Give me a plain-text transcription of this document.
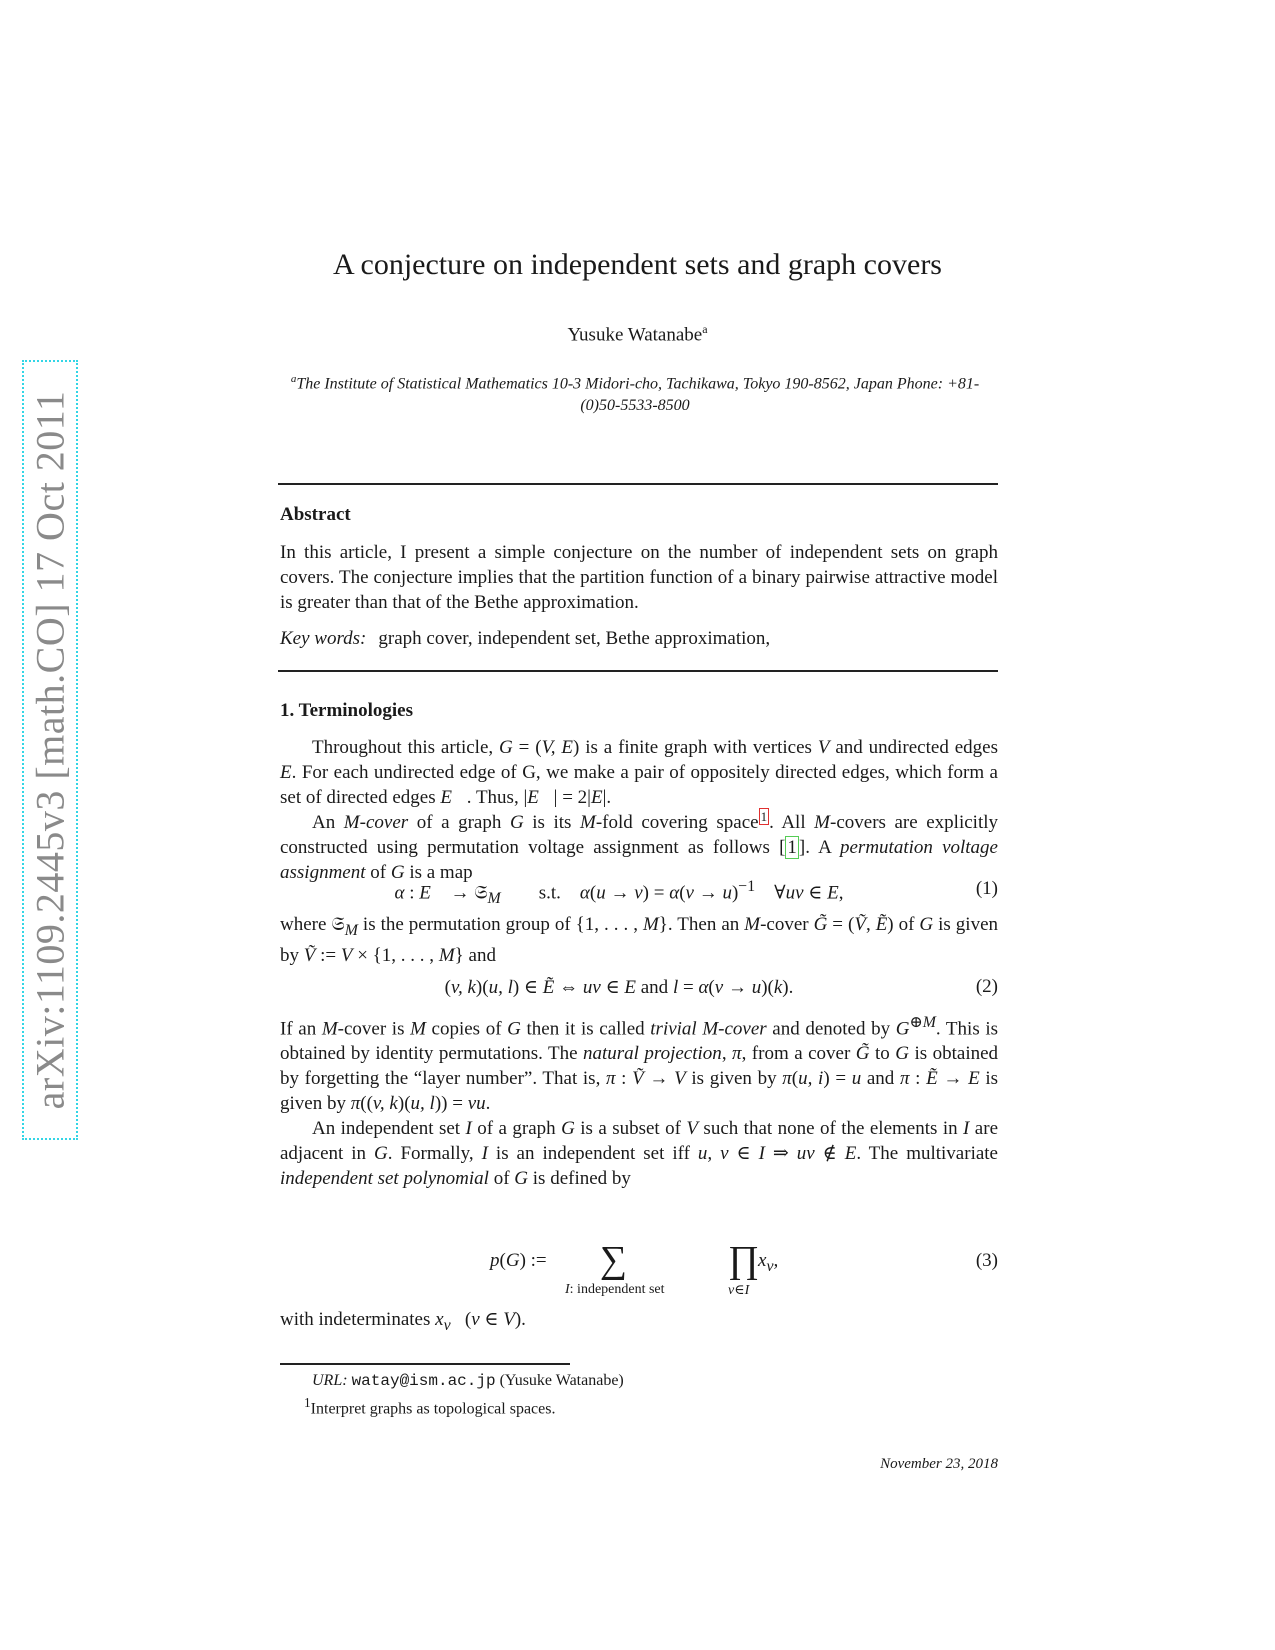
arXiv:1109.2445v3 [math.CO] 17 Oct 2011
A conjecture on independent sets and graph covers
Yusuke Watanabe$^a$
$^a$The Institute of Statistical Mathematics 10-3 Midori-cho, Tachikawa, Tokyo 190-8562, Japan Phone: +81-(0)50-5533-8500
Abstract
In this article, I present a simple conjecture on the number of independent sets on graph covers. The conjecture implies that the partition function of a binary pairwise attractive model is greater than that of the Bethe approximation.
Key words: graph cover, independent set, Bethe approximation,
1. Terminologies

Throughout this article, G = (V, E) is a finite graph with vertices V and undirected edges E. For each undirected edge of G, we make a pair of oppositely directed edges, which form a set of directed edges E⃗. Thus, |E⃗| = 2|E|.

An M-cover of a graph G is its M-fold covering space $^1$ . All M-covers are explicitly constructed using permutation voltage assignment as follows [ 1 ]. A permutation voltage assignment of G is a map

α : E⃗ → 𝔖$_M$        s.t.    $\alpha(u \to v) = \alpha(v \to u)^{-1}$    ∀uv ∈ E,	(1)

where 𝔖$_M$ is the permutation group of {1, . . . , M}. Then an M-cover G̃ = (Ṽ, Ẽ) of G is given by Ṽ := V × {1, . . . , M} and

(v, k)(u, l) ∈ Ẽ ⇔ uv ∈ E and l = α(v → u)(k).	(2)

If an M-cover is M copies of G then it is called trivial M-cover and denoted by $G^{\oplus M}$. This is obtained by identity permutations. The natural projection, π, from a cover G̃ to G is obtained by forgetting the “layer number”. That is, π : Ṽ → V is given by π(u, i) = u and π : Ẽ → E is given by π((v, k)(u, l)) = vu.

An independent set I of a graph G is a subset of V such that none of the elements in I are adjacent in G. Formally, I is an independent set iff u, v ∈ I ⇒ uv ∉ E. The multivariate independent set polynomial of G is defined by

p(G) := ∑
I: independent set
∏
v∈I
$x_v$,	(3)

with indeterminates $x_v$   (v ∈ V).

URL: watay@ism.ac.jp (Yusuke Watanabe)
$^1$Interpret graphs as topological spaces.
November 23, 2018
